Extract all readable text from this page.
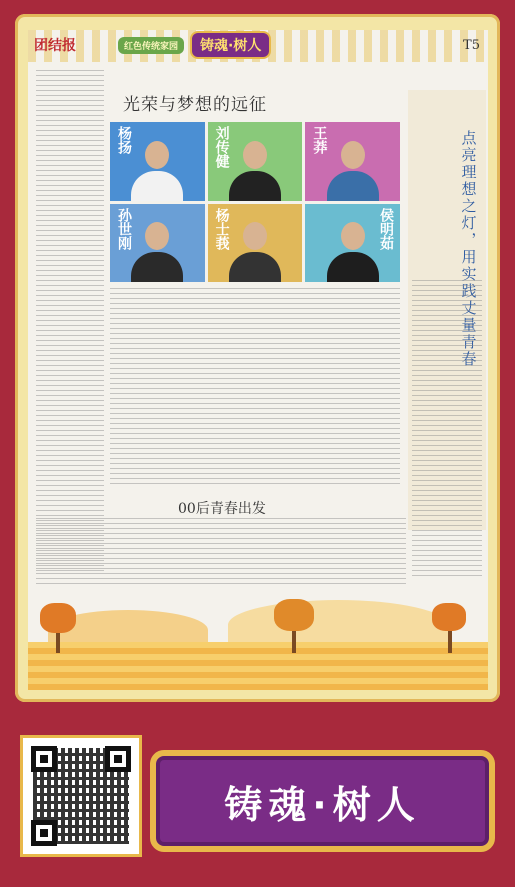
团结报	红色传统家园	铸魂·树人	T5
光荣与梦想的远征
杨扬	刘传健	王莽
孙世刚	杨士莪	侯明茹
00后青春出发
点亮理想之灯，用实践丈量青春
铸魂·树人
